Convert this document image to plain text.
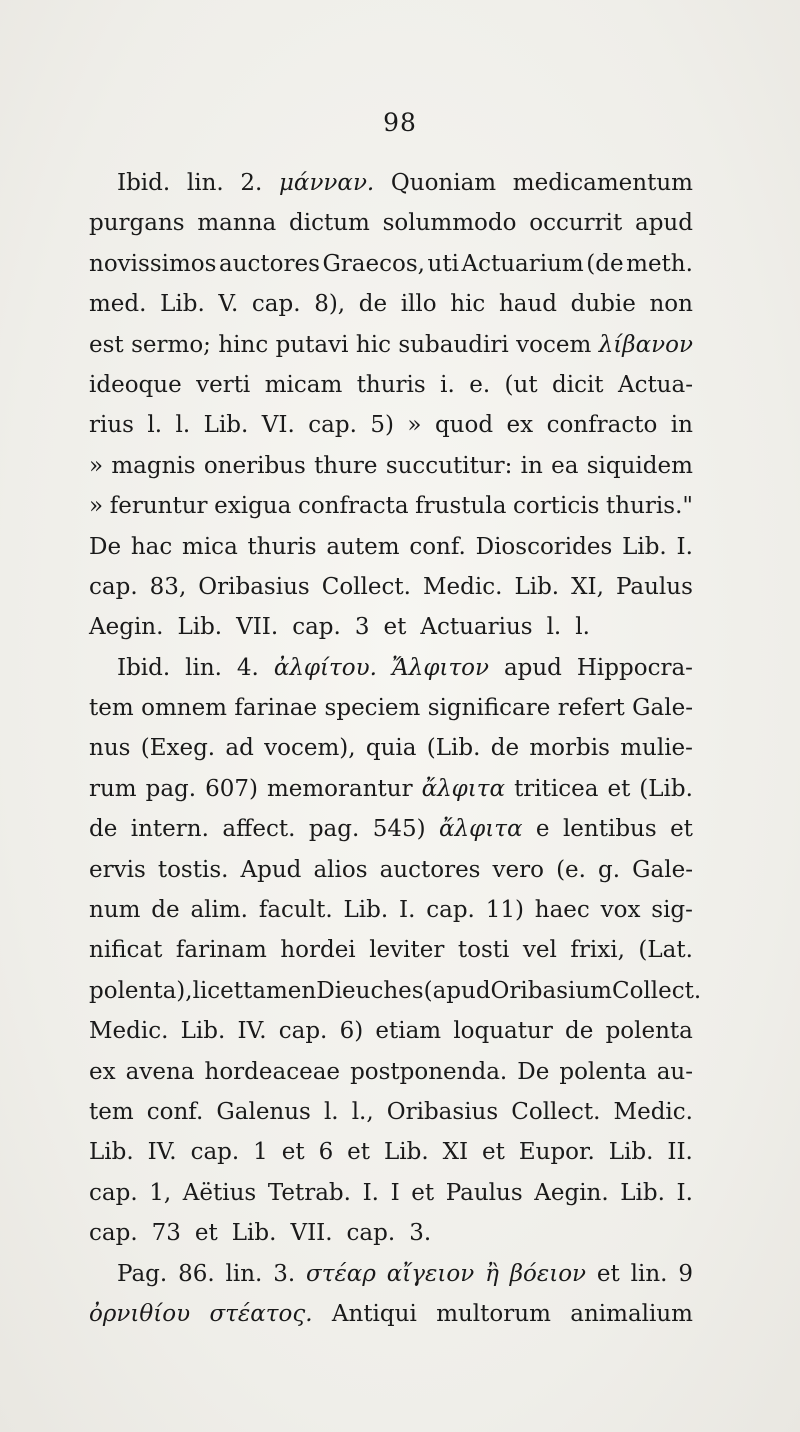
98
Ibid. lin. 2. μάνναν. Quoniam medicamentum
purgans manna dictum solummodo occurrit apud
novissimos auctores Graecos, uti Actuarium (de meth.
med. Lib. V. cap. 8), de illo hic haud dubie non
est sermo; hinc putavi hic subaudiri vocem λίβανον
ideoque verti micam thuris i. e. (ut dicit Actua-
rius l. l. Lib. VI. cap. 5) » quod ex confracto in
» magnis oneribus thure succutitur: in ea siquidem
» feruntur exigua confracta frustula corticis thuris."
De hac mica thuris autem conf. Dioscorides Lib. I.
cap. 83, Oribasius Collect. Medic. Lib. XI, Paulus
Aegin. Lib. VII. cap. 3 et Actuarius l. l.
Ibid. lin. 4. ἀλφίτου. Ἄλφιτον apud Hippocra-
tem omnem farinae speciem significare refert Gale-
nus (Exeg. ad vocem), quia (Lib. de morbis mulie-
rum pag. 607) memorantur ἄλφιτα triticea et (Lib.
de intern. affect. pag. 545) ἄλφιτα e lentibus et
ervis tostis. Apud alios auctores vero (e. g. Gale-
num de alim. facult. Lib. I. cap. 11) haec vox sig-
nificat farinam hordei leviter tosti vel frixi, (Lat.
polenta), licet tamen Dieuches (apud Oribasium Collect.
Medic. Lib. IV. cap. 6) etiam loquatur de polenta
ex avena hordeaceae postponenda. De polenta au-
tem conf. Galenus l. l., Oribasius Collect. Medic.
Lib. IV. cap. 1 et 6 et Lib. XI et Eupor. Lib. II.
cap. 1, Aëtius Tetrab. I. I et Paulus Aegin. Lib. I.
cap. 73 et Lib. VII. cap. 3.
Pag. 86. lin. 3. στέαρ αἴγειον ἢ βόειον et lin. 9
ὀρνιθίου στέατος. Antiqui multorum animalium
